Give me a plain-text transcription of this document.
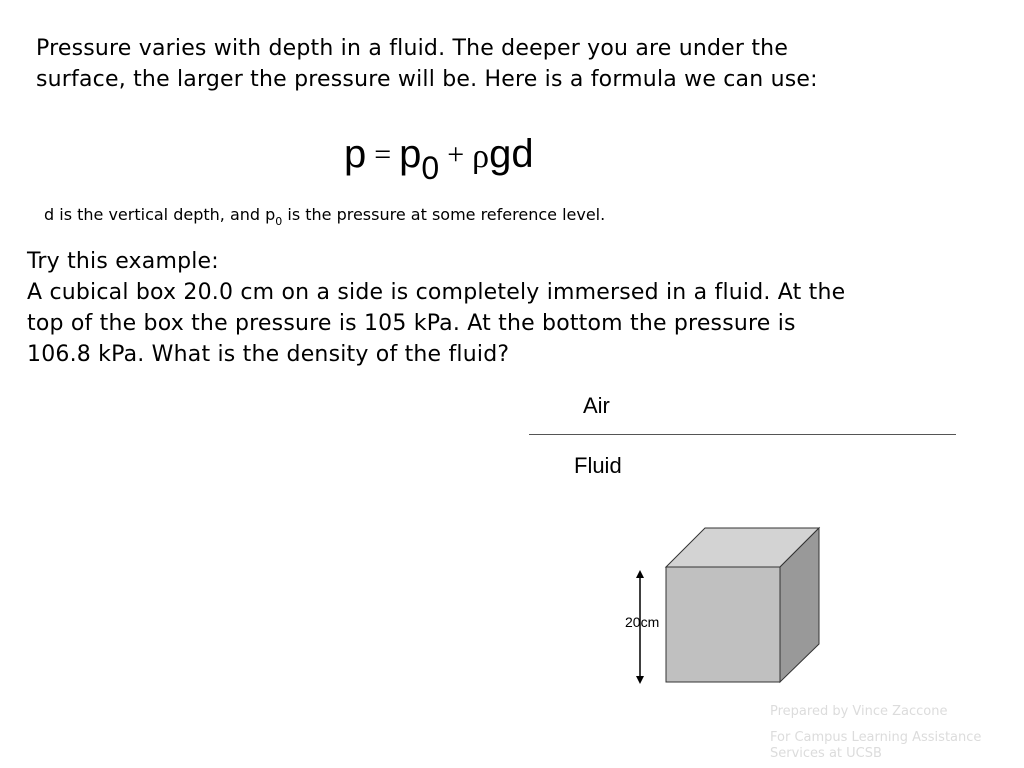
Pressure varies with depth in a fluid. The deeper you are under the
surface, the larger the pressure will be. Here is a formula we can use:
$p = p_0 + \rho gd$
d is the vertical depth, and $p_0$ is the pressure at some reference level.
Try this example:
A cubical box 20.0 cm on a side is completely immersed in a fluid. At the
top of the box the pressure is 105 kPa. At the bottom the pressure is
106.8 kPa. What is the density of the fluid?
Air
Fluid
20cm
Prepared by Vince Zaccone
For Campus Learning Assistance
Services at UCSB
